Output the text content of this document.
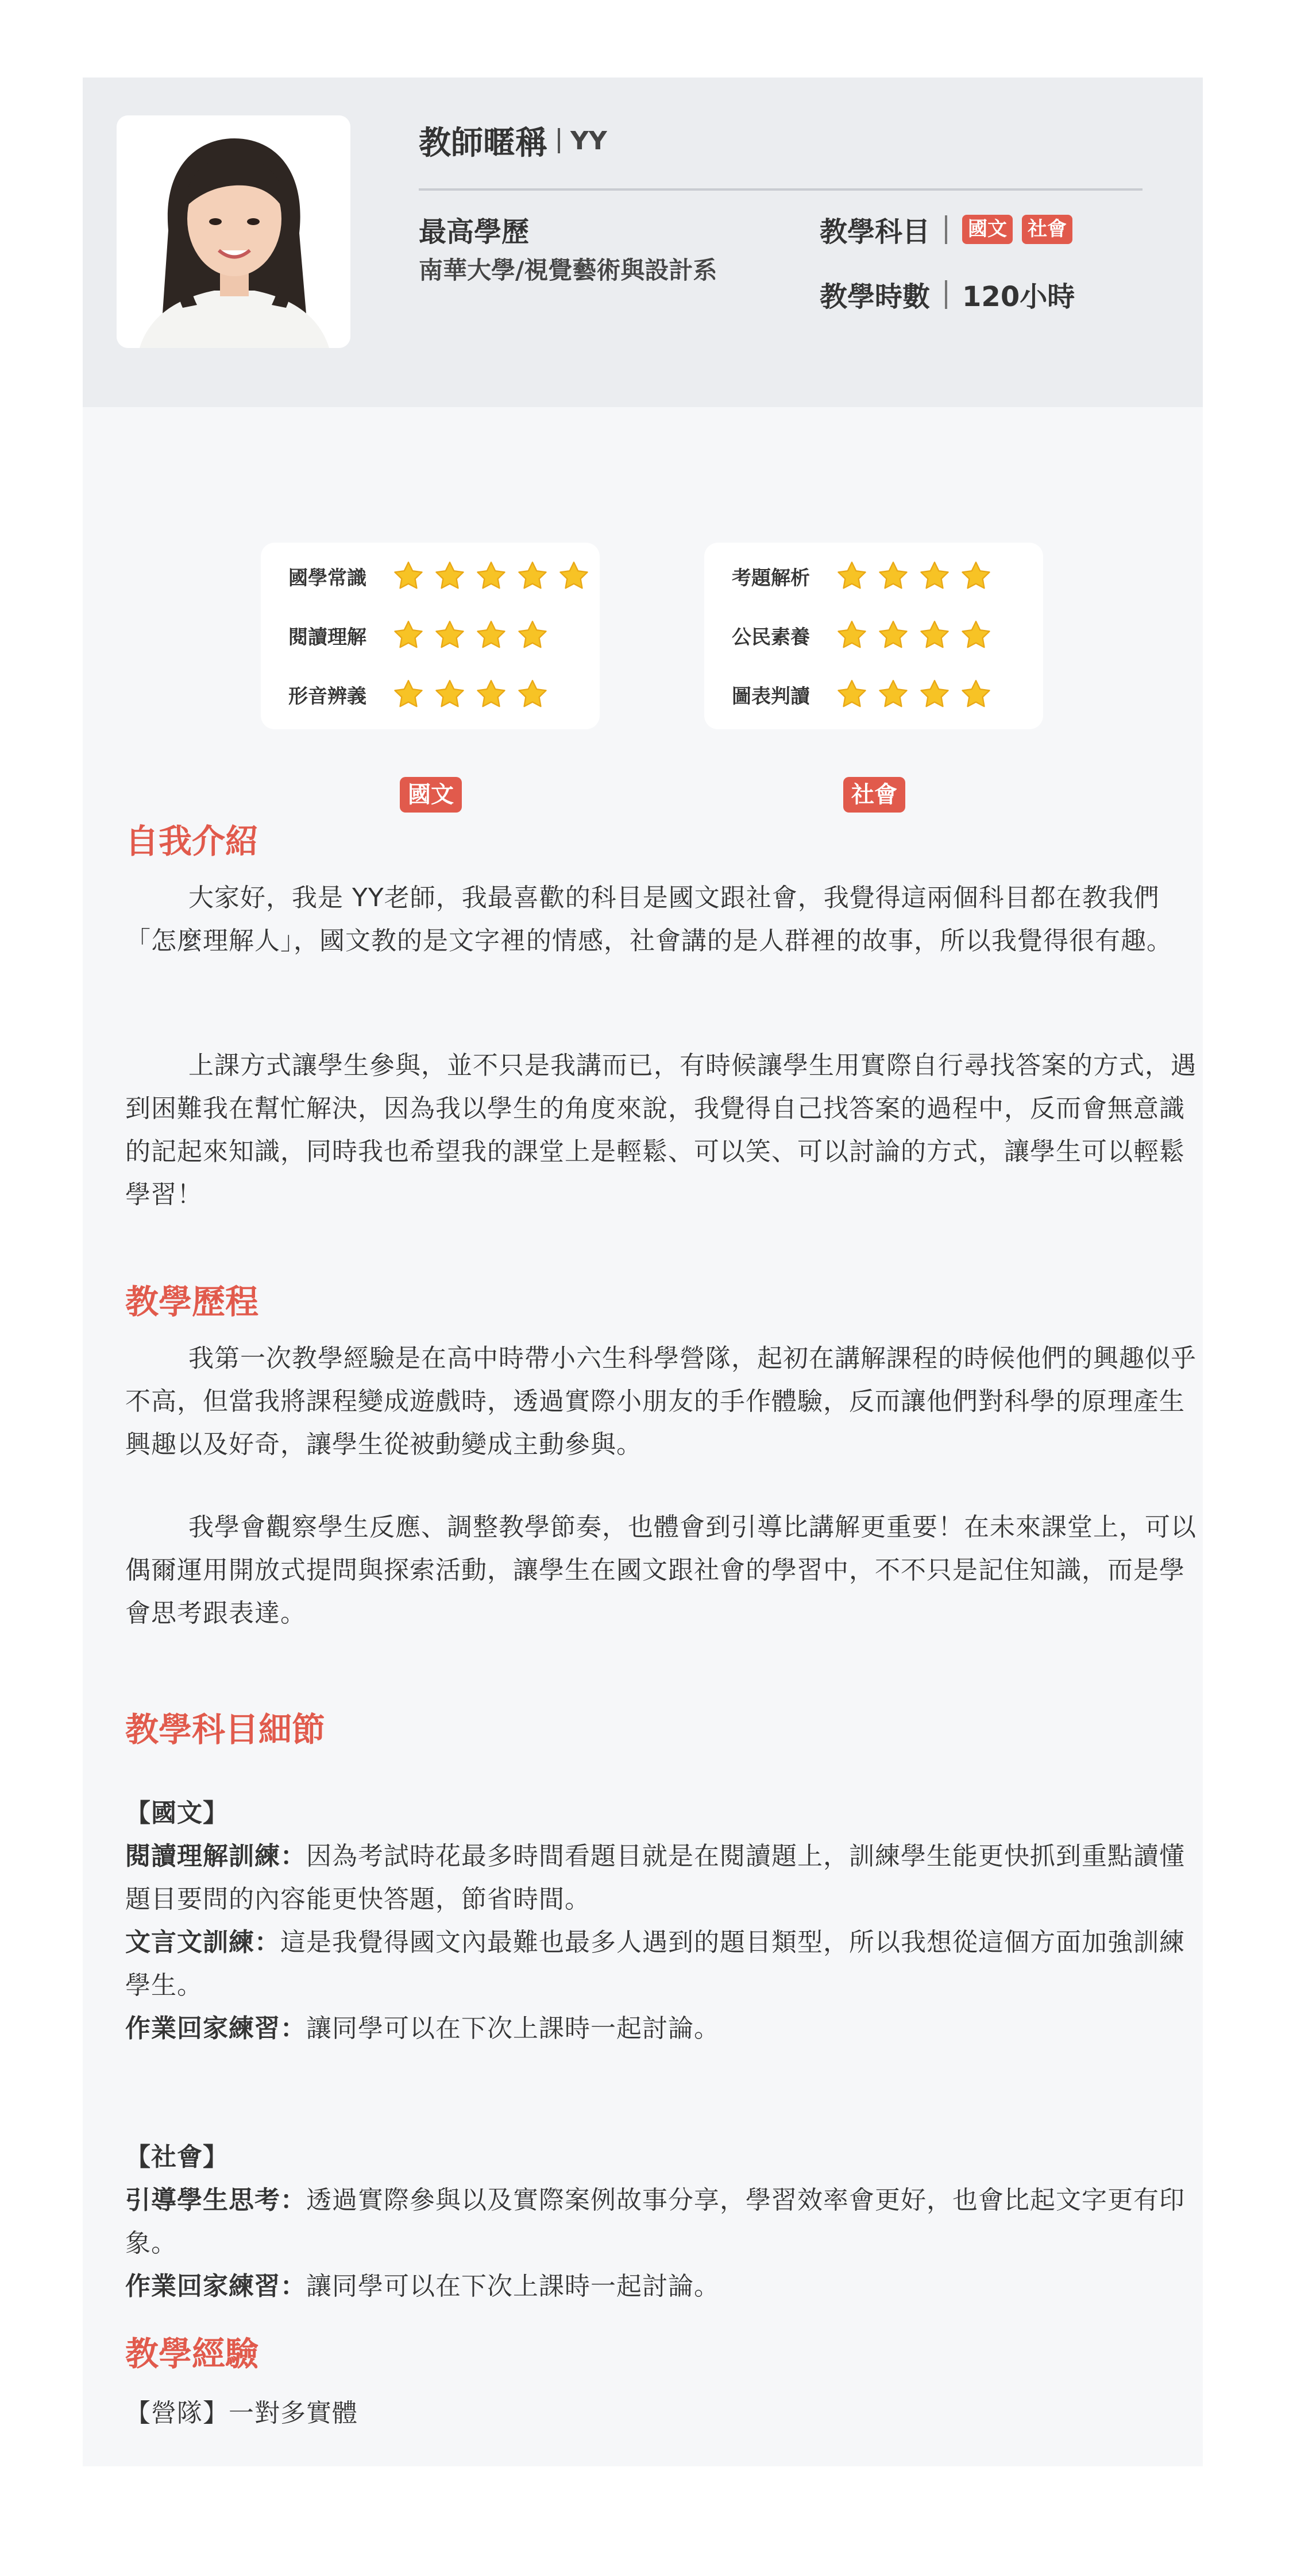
教師暱稱 YY
最高學歷
南華大學/視覺藝術與設計系
教學科目 國文 社會
教學時數 120小時
國學常識
閱讀理解
形音辨義
國文
考題解析
公民素養
圖表判讀
社會
自我介紹

大家好，我是 YY老師，我最喜歡的科目是國文跟社會，我覺得這兩個科目都在教我們「怎麼理解人」，國文教的是文字裡的情感，社會講的是人群裡的故事，所以我覺得很有趣。

上課方式讓學生參與，並不只是我講而已，有時候讓學生用實際自行尋找答案的方式，遇到困難我在幫忙解決，因為我以學生的角度來說，我覺得自己找答案的過程中，反而會無意識的記起來知識，同時我也希望我的課堂上是輕鬆、可以笑、可以討論的方式，讓學生可以輕鬆學習！

教學歷程

我第一次教學經驗是在高中時帶小六生科學營隊，起初在講解課程的時候他們的興趣似乎不高，但當我將課程變成遊戲時，透過實際小朋友的手作體驗，反而讓他們對科學的原理產生興趣以及好奇，讓學生從被動變成主動參與。

我學會觀察學生反應、調整教學節奏，也體會到引導比講解更重要！在未來課堂上，可以偶爾運用開放式提問與探索活動，讓學生在國文跟社會的學習中，不不只是記住知識，而是學會思考跟表達。

教學科目細節

【國文】

閱讀理解訓練：因為考試時花最多時間看題目就是在閱讀題上，訓練學生能更快抓到重點讀懂題目要問的內容能更快答題，節省時間。

文言文訓練：這是我覺得國文內最難也最多人遇到的題目類型，所以我想從這個方面加強訓練學生。

作業回家練習：讓同學可以在下次上課時一起討論。

【社會】

引導學生思考：透過實際參與以及實際案例故事分享，學習效率會更好，也會比起文字更有印象。

作業回家練習：讓同學可以在下次上課時一起討論。

教學經驗
【營隊】一對多實體
